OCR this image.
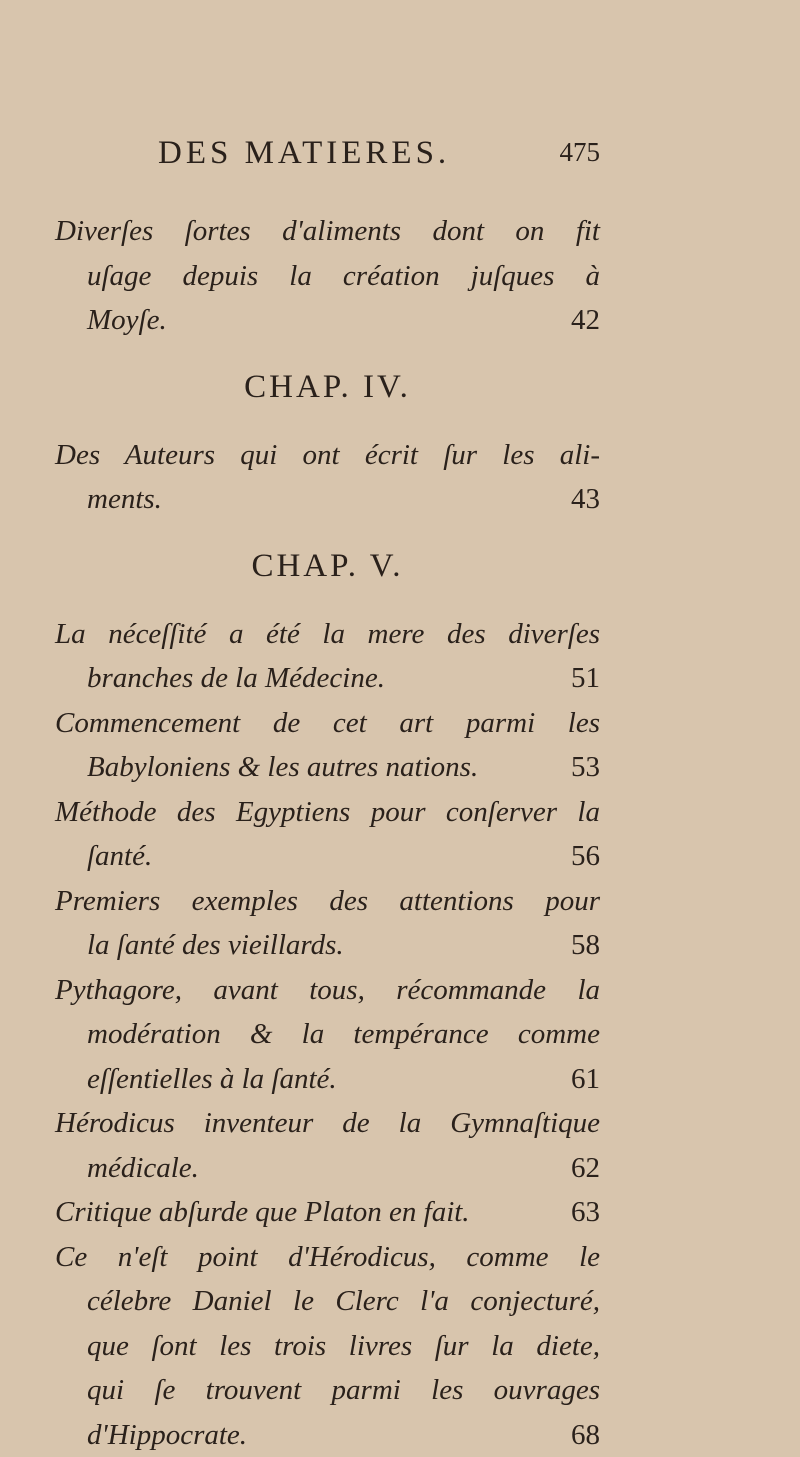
DES MATIERES.	475
Diverſes ſortes d'aliments dont on fit
uſage depuis la création juſques à
Moyſe.	42
CHAP. IV.
Des Auteurs qui ont écrit ſur les ali-
ments.	43
CHAP. V.
La néceſſité a été la mere des diverſes
branches de la Médecine.	51
Commencement de cet art parmi les
Babyloniens & les autres nations.	53
Méthode des Egyptiens pour conſerver la
ſanté.	56
Premiers exemples des attentions pour
la ſanté des vieillards.	58
Pythagore, avant tous, récommande la
modération & la tempérance comme
eſſentielles à la ſanté.	61
Hérodicus inventeur de la Gymnaſtique
médicale.	62
Critique abſurde que Platon en fait.	63
Ce n'eſt point d'Hérodicus, comme le
célebre Daniel le Clerc l'a conjecturé,
que ſont les trois livres ſur la diete,
qui ſe trouvent parmi les ouvrages
d'Hippocrate.	68
